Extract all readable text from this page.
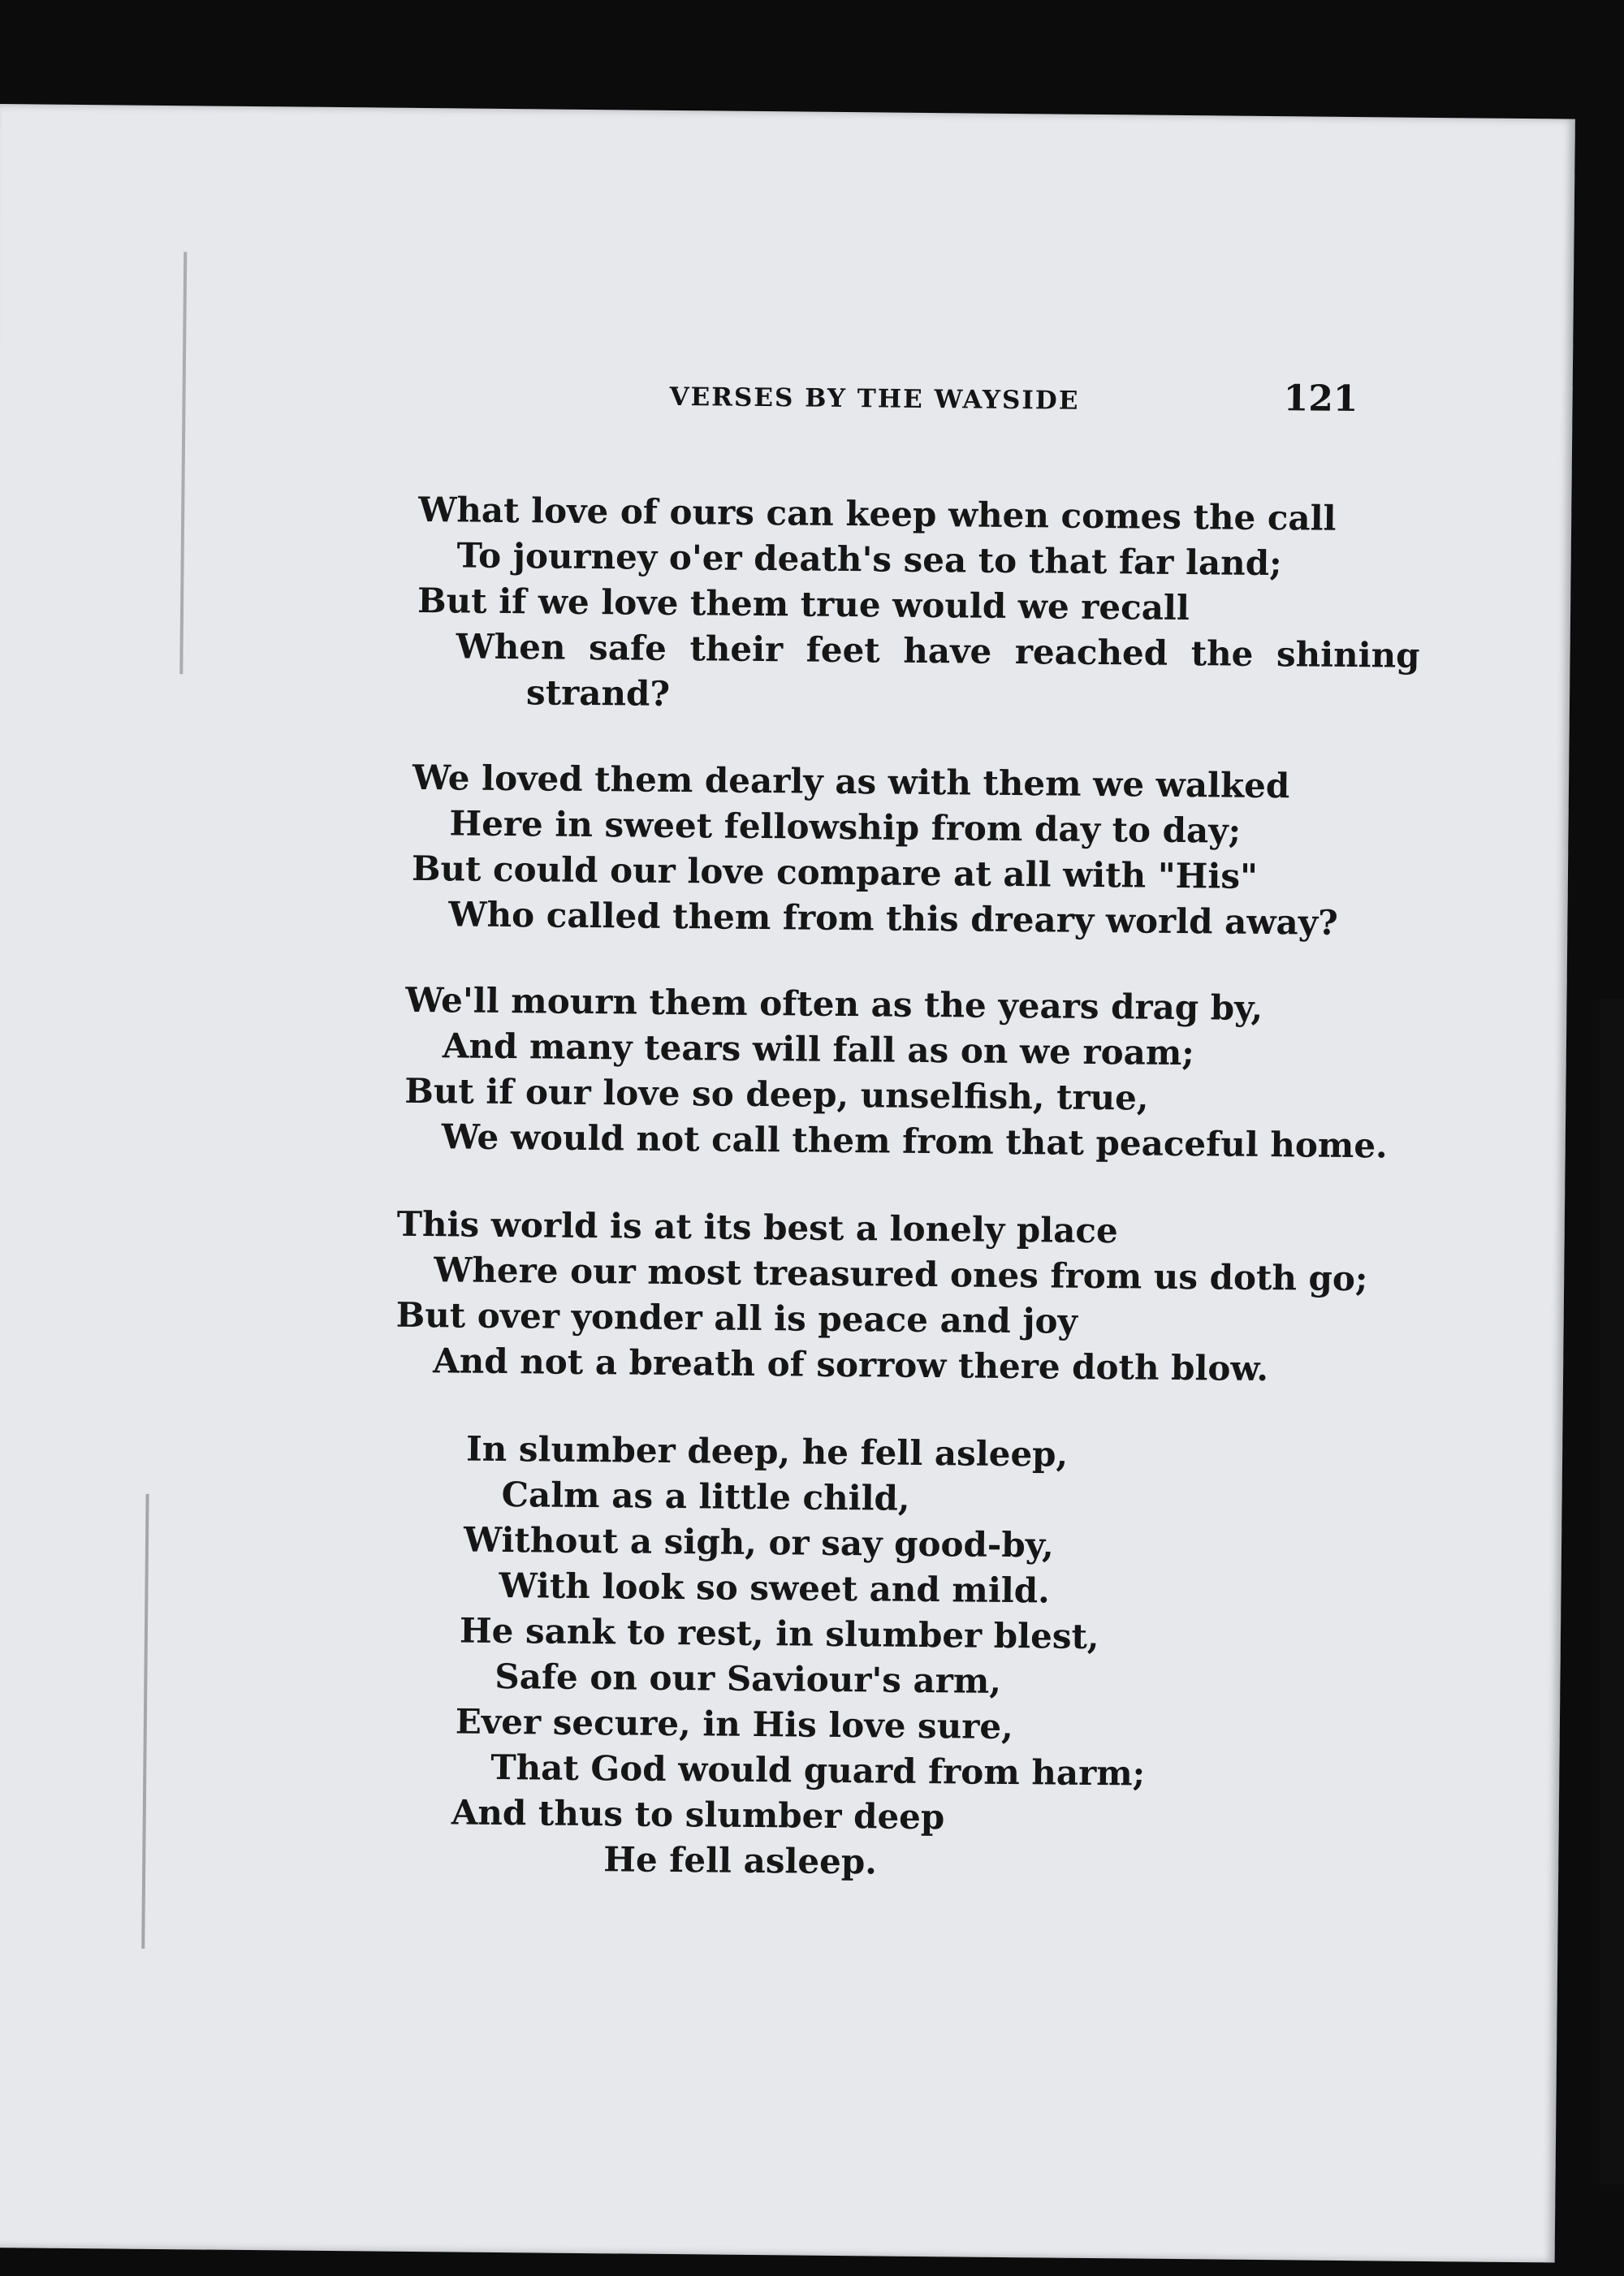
VERSES BY THE WAYSIDE	121
What love of ours can keep when comes the call
To journey o'er death's sea to that far land;
But if we love them true would we recall
When safe their feet have reached the shining
strand?
We loved them dearly as with them we walked
Here in sweet fellowship from day to day;
But could our love compare at all with "His"
Who called them from this dreary world away?
We'll mourn them often as the years drag by,
And many tears will fall as on we roam;
But if our love so deep, unselfish, true,
We would not call them from that peaceful home.
This world is at its best a lonely place
Where our most treasured ones from us doth go;
But over yonder all is peace and joy
And not a breath of sorrow there doth blow.
In slumber deep, he fell asleep,
Calm as a little child,
Without a sigh, or say good-by,
With look so sweet and mild.
He sank to rest, in slumber blest,
Safe on our Saviour's arm,
Ever secure, in His love sure,
That God would guard from harm;
And thus to slumber deep
He fell asleep.
